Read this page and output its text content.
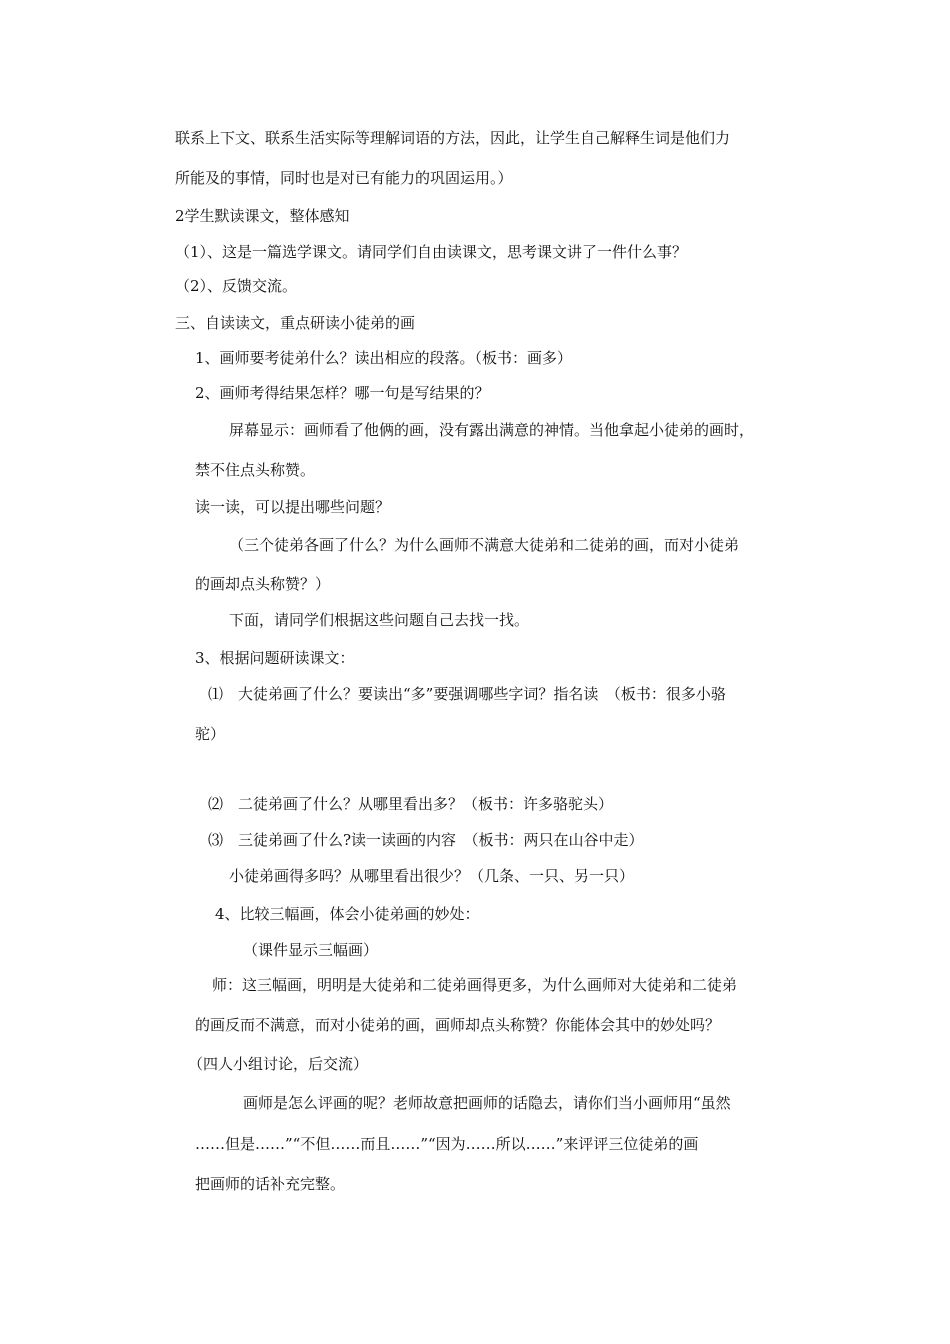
联系上下文、联系生活实际等理解词语的方法，因此，让学生自己解释生词是他们力
所能及的事情，同时也是对已有能力的巩固运用。）
2学生默读课文，整体感知
（1）、这是一篇选学课文。请同学们自由读课文，思考课文讲了一件什么事？
（2）、反馈交流。
三、自读读文，重点研读小徒弟的画
1、画师要考徒弟什么？读出相应的段落。（板书：画多）
2、画师考得结果怎样？哪一句是写结果的？
屏幕显示：画师看了他俩的画，没有露出满意的神情。当他拿起小徒弟的画时，
禁不住点头称赞。
读一读，可以提出哪些问题？
（三个徒弟各画了什么？为什么画师不满意大徒弟和二徒弟的画，而对小徒弟
的画却点头称赞？）
下面，请同学们根据这些问题自己去找一找。
3、根据问题研读课文：
⑴　大徒弟画了什么？要读出“多”要强调哪些字词？指名读　（板书：很多小骆
驼）
⑵　二徒弟画了什么？从哪里看出多？（板书：许多骆驼头）
⑶　三徒弟画了什么?读一读画的内容　（板书：两只在山谷中走）
小徒弟画得多吗？从哪里看出很少？（几条、一只、另一只）
4、比较三幅画，体会小徒弟画的妙处：
（课件显示三幅画）
师：这三幅画，明明是大徒弟和二徒弟画得更多，为什么画师对大徒弟和二徒弟
的画反而不满意，而对小徒弟的画，画师却点头称赞？你能体会其中的妙处吗？
（四人小组讨论，后交流）
画师是怎么评画的呢？老师故意把画师的话隐去，请你们当小画师用“虽然
……但是……”“不但……而且……”“因为……所以……”来评评三位徒弟的画
把画师的话补充完整。
